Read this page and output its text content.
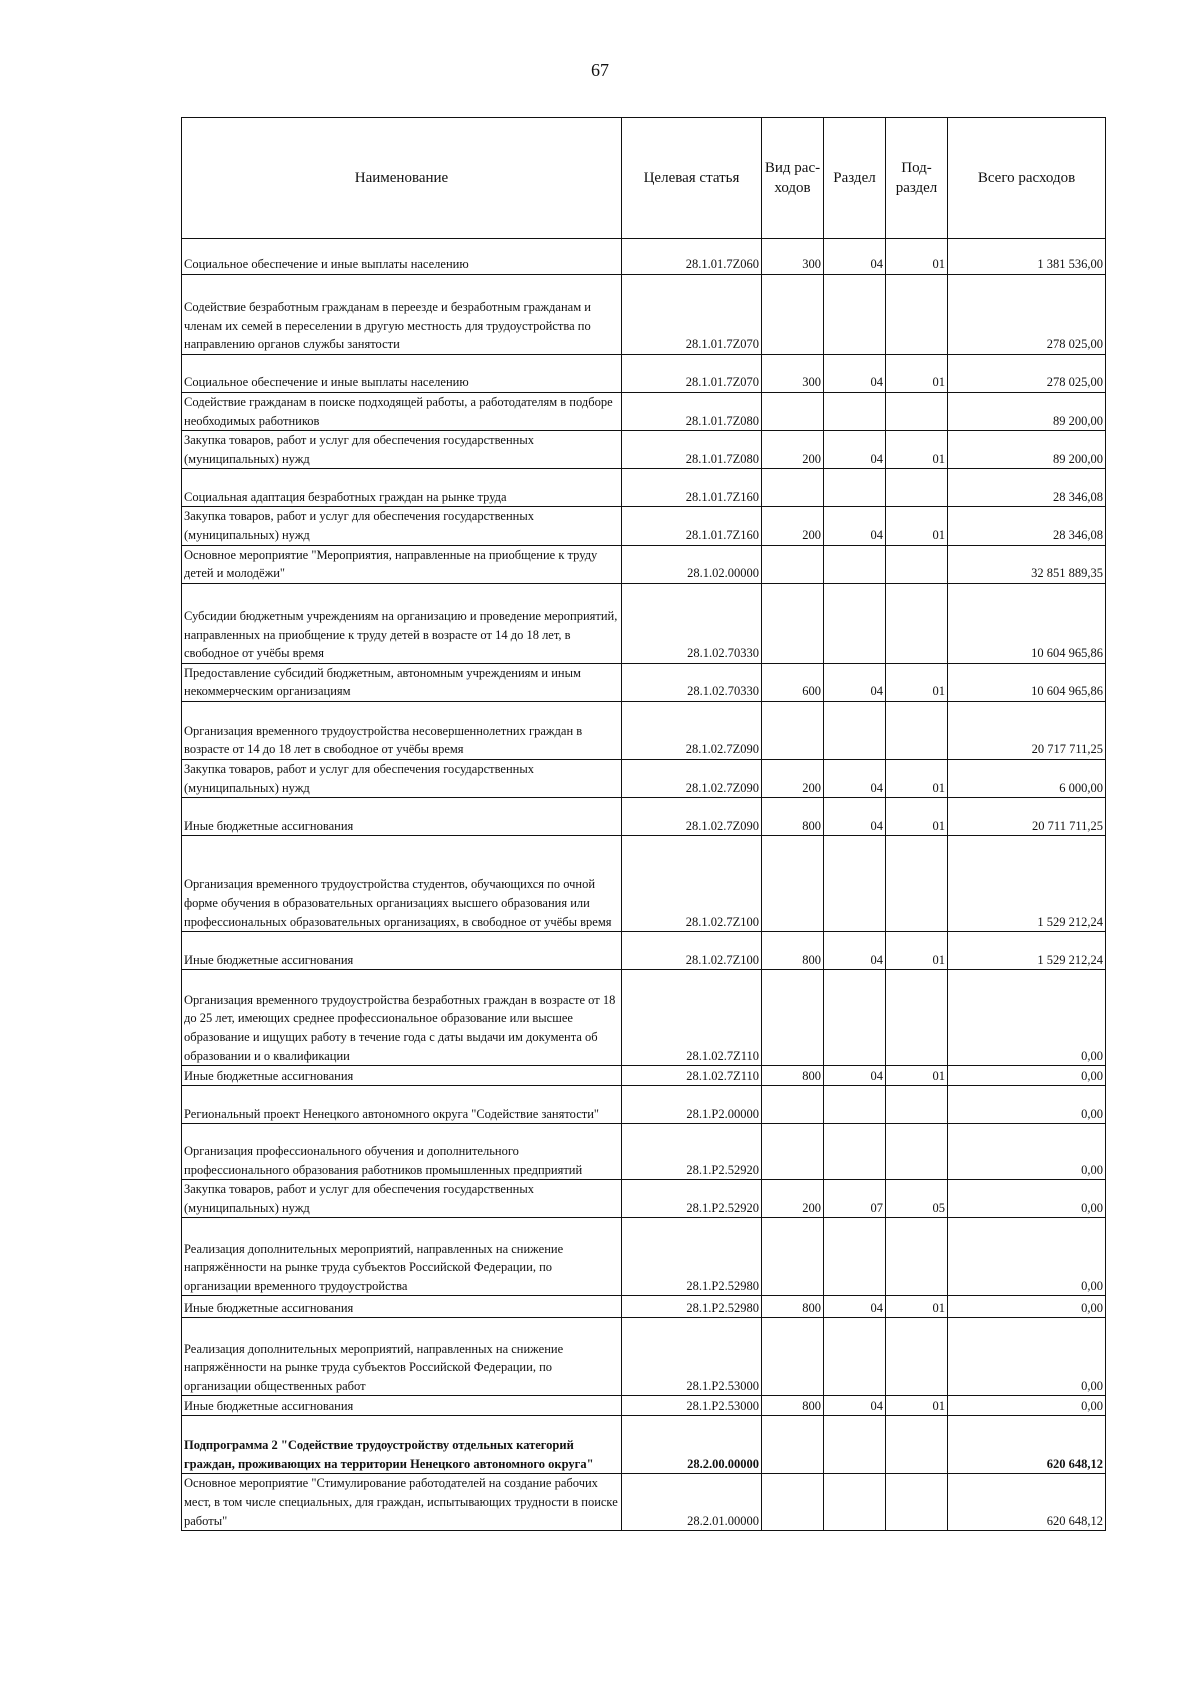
67
Наименование	Целевая статья	Вид рас- ходов	Раздел	Под- раздел	Всего расходов
Социальное обеспечение и иные выплаты населению	28.1.01.7Z060	300	04	01	1 381 536,00
Содействие безработным гражданам в переезде и безработным гражданам и членам их семей в переселении в другую местность для трудоустройства по направлению органов службы занятости	28.1.01.7Z070				278 025,00
Социальное обеспечение и иные выплаты населению	28.1.01.7Z070	300	04	01	278 025,00
Содействие гражданам в поиске подходящей работы, а работодателям в подборе необходимых работников	28.1.01.7Z080				89 200,00
Закупка товаров, работ и услуг для обеспечения государственных (муниципальных) нужд	28.1.01.7Z080	200	04	01	89 200,00
Социальная адаптация безработных граждан на рынке труда	28.1.01.7Z160				28 346,08
Закупка товаров, работ и услуг для обеспечения государственных (муниципальных) нужд	28.1.01.7Z160	200	04	01	28 346,08
Основное мероприятие "Мероприятия, направленные на приобщение к труду детей и молодёжи"	28.1.02.00000				32 851 889,35
Субсидии бюджетным учреждениям на организацию и проведение мероприятий, направленных на приобщение к труду детей в возрасте от 14 до 18 лет, в свободное от учёбы время	28.1.02.70330				10 604 965,86
Предоставление субсидий бюджетным, автономным учреждениям и иным некоммерческим организациям	28.1.02.70330	600	04	01	10 604 965,86
Организация временного трудоустройства несовершеннолетних граждан в возрасте от 14 до 18 лет в свободное от учёбы время	28.1.02.7Z090				20 717 711,25
Закупка товаров, работ и услуг для обеспечения государственных (муниципальных) нужд	28.1.02.7Z090	200	04	01	6 000,00
Иные бюджетные ассигнования	28.1.02.7Z090	800	04	01	20 711 711,25
Организация временного трудоустройства студентов, обучающихся по очной форме обучения в образовательных организациях высшего образования или профессиональных образовательных организациях, в свободное от учёбы время	28.1.02.7Z100				1 529 212,24
Иные бюджетные ассигнования	28.1.02.7Z100	800	04	01	1 529 212,24
Организация временного трудоустройства безработных граждан в возрасте от 18 до 25 лет, имеющих среднее профессиональное образование или высшее образование и ищущих работу в течение года с даты выдачи им документа об образовании и о квалификации	28.1.02.7Z110				0,00
Иные бюджетные ассигнования	28.1.02.7Z110	800	04	01	0,00
Региональный проект Ненецкого автономного округа "Содействие занятости"	28.1.P2.00000				0,00
Организация профессионального обучения и дополнительного профессионального образования работников промышленных предприятий	28.1.P2.52920				0,00
Закупка товаров, работ и услуг для обеспечения государственных (муниципальных) нужд	28.1.P2.52920	200	07	05	0,00
Реализация дополнительных мероприятий, направленных на снижение напряжённости на рынке труда субъектов Российской Федерации, по организации временного трудоустройства	28.1.P2.52980				0,00
Иные бюджетные ассигнования	28.1.P2.52980	800	04	01	0,00
Реализация дополнительных мероприятий, направленных на снижение напряжённости на рынке труда субъектов Российской Федерации, по организации общественных работ	28.1.P2.53000				0,00
Иные бюджетные ассигнования	28.1.P2.53000	800	04	01	0,00
Подпрограмма 2 "Содействие трудоустройству отдельных категорий граждан, проживающих на территории Ненецкого автономного округа"	28.2.00.00000				620 648,12
Основное мероприятие "Стимулирование работодателей на создание рабочих мест, в том числе специальных, для граждан, испытывающих трудности в поиске работы"	28.2.01.00000				620 648,12
